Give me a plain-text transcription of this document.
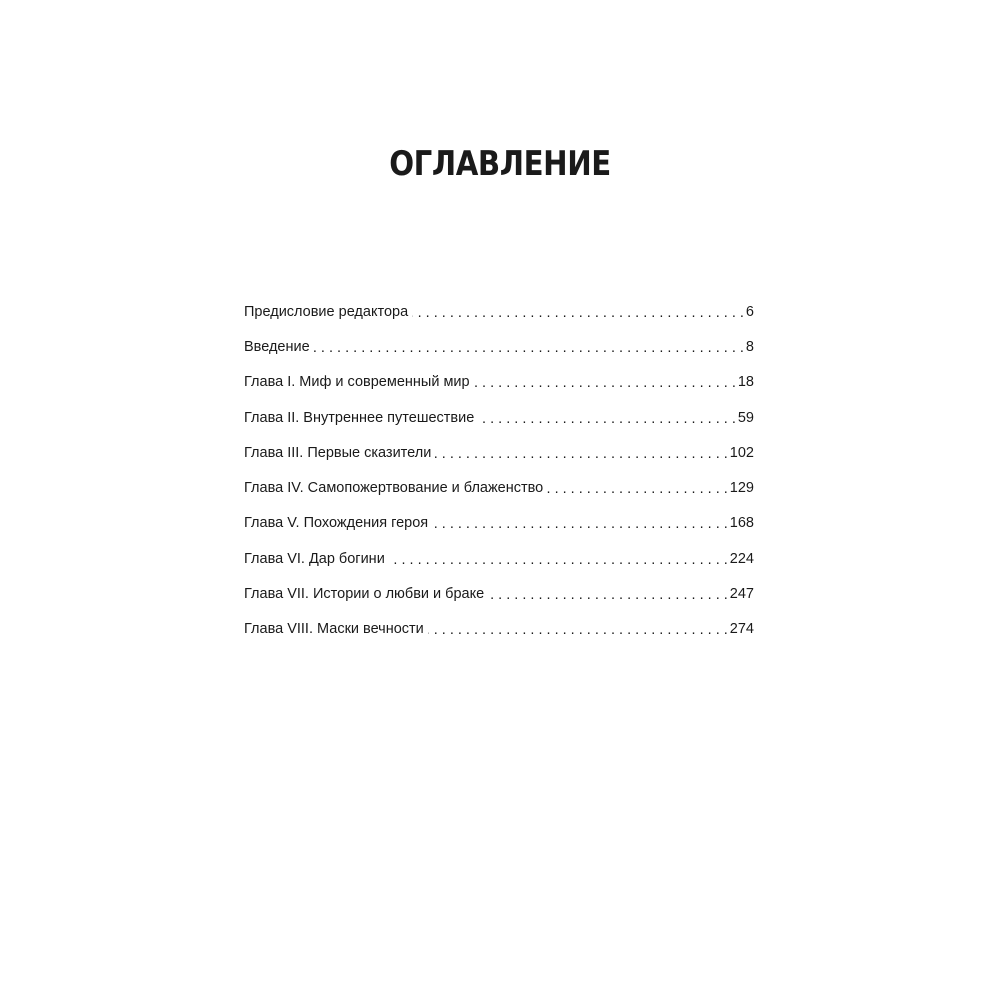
ОГЛАВЛЕНИЕ
Предисловие редактора . . .	6
Введение . . .	8
Глава I. Миф и современный мир . . .	18
Глава II. Внутреннее путешествие . . .	59
Глава III. Первые сказители . . .	102
Глава IV. Самопожертвование и блаженство . . .	129
Глава V. Похождения героя . . .	168
Глава VI. Дар богини . . .	224
Глава VII. Истории о любви и браке . . .	247
Глава VIII. Маски вечности . . .	274
